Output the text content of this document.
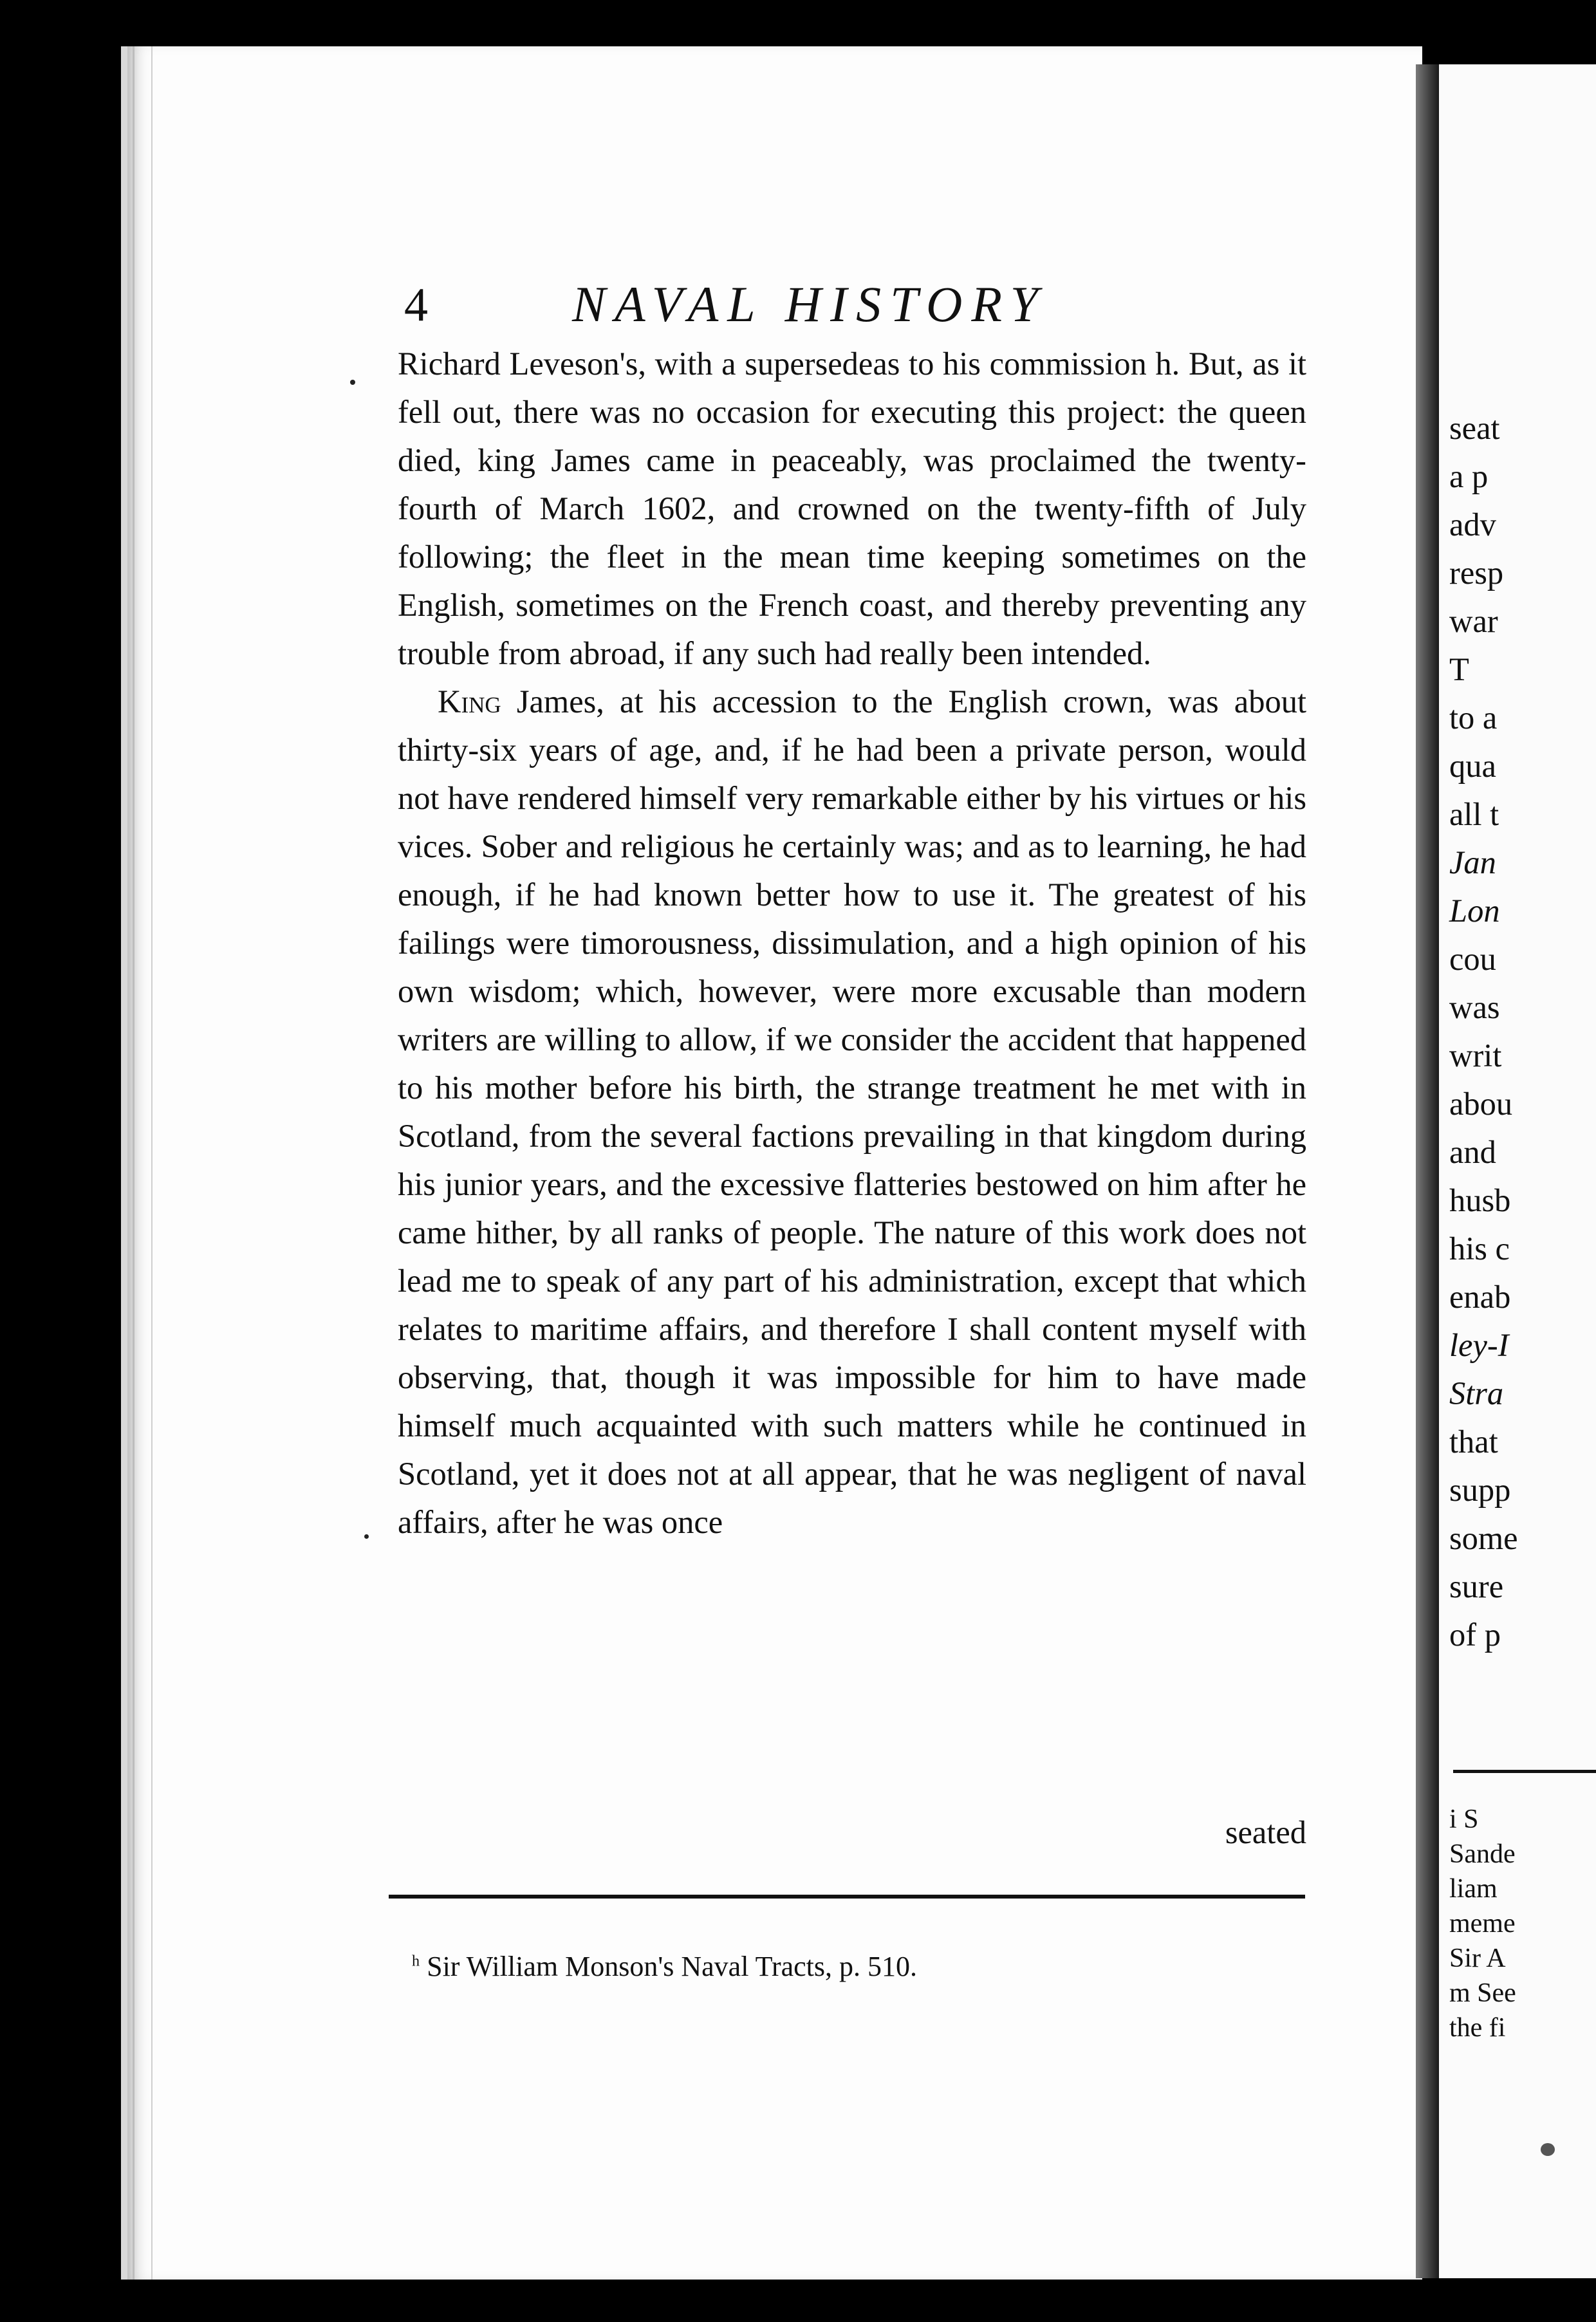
4	NAVAL HISTORY

Richard Leveson's, with a supersedeas to his commission h. But, as it fell out, there was no occasion for executing this project: the queen died, king James came in peaceably, was proclaimed the twenty-fourth of March 1602, and crowned on the twenty-fifth of July following; the fleet in the mean time keeping sometimes on the English, sometimes on the French coast, and thereby preventing any trouble from abroad, if any such had really been intended.

King James, at his accession to the English crown, was about thirty-six years of age, and, if he had been a private person, would not have rendered himself very remarkable either by his virtues or his vices. Sober and religious he certainly was; and as to learning, he had enough, if he had known better how to use it. The greatest of his failings were timorousness, dissimulation, and a high opinion of his own wisdom; which, however, were more excusable than modern writers are willing to allow, if we consider the accident that happened to his mother before his birth, the strange treatment he met with in Scotland, from the several factions prevailing in that kingdom during his junior years, and the excessive flatteries bestowed on him after he came hither, by all ranks of people. The nature of this work does not lead me to speak of any part of his administration, except that which relates to maritime affairs, and therefore I shall content myself with observing, that, though it was impossible for him to have made himself much acquainted with such matters while he continued in Scotland, yet it does not at all appear, that he was negligent of naval affairs, after he was once

seated
$^h$ Sir William Monson's Naval Tracts, p. 510.
seat
a p
adv
resp
war
T
to a
qua
all t
Jan
Lon
cou
was
writ
abou
and
husb
his c
enab
ley-I
Stra
that
supp
some
sure
of p
i S
Sande
liam
meme
Sir A
m See
the fi
